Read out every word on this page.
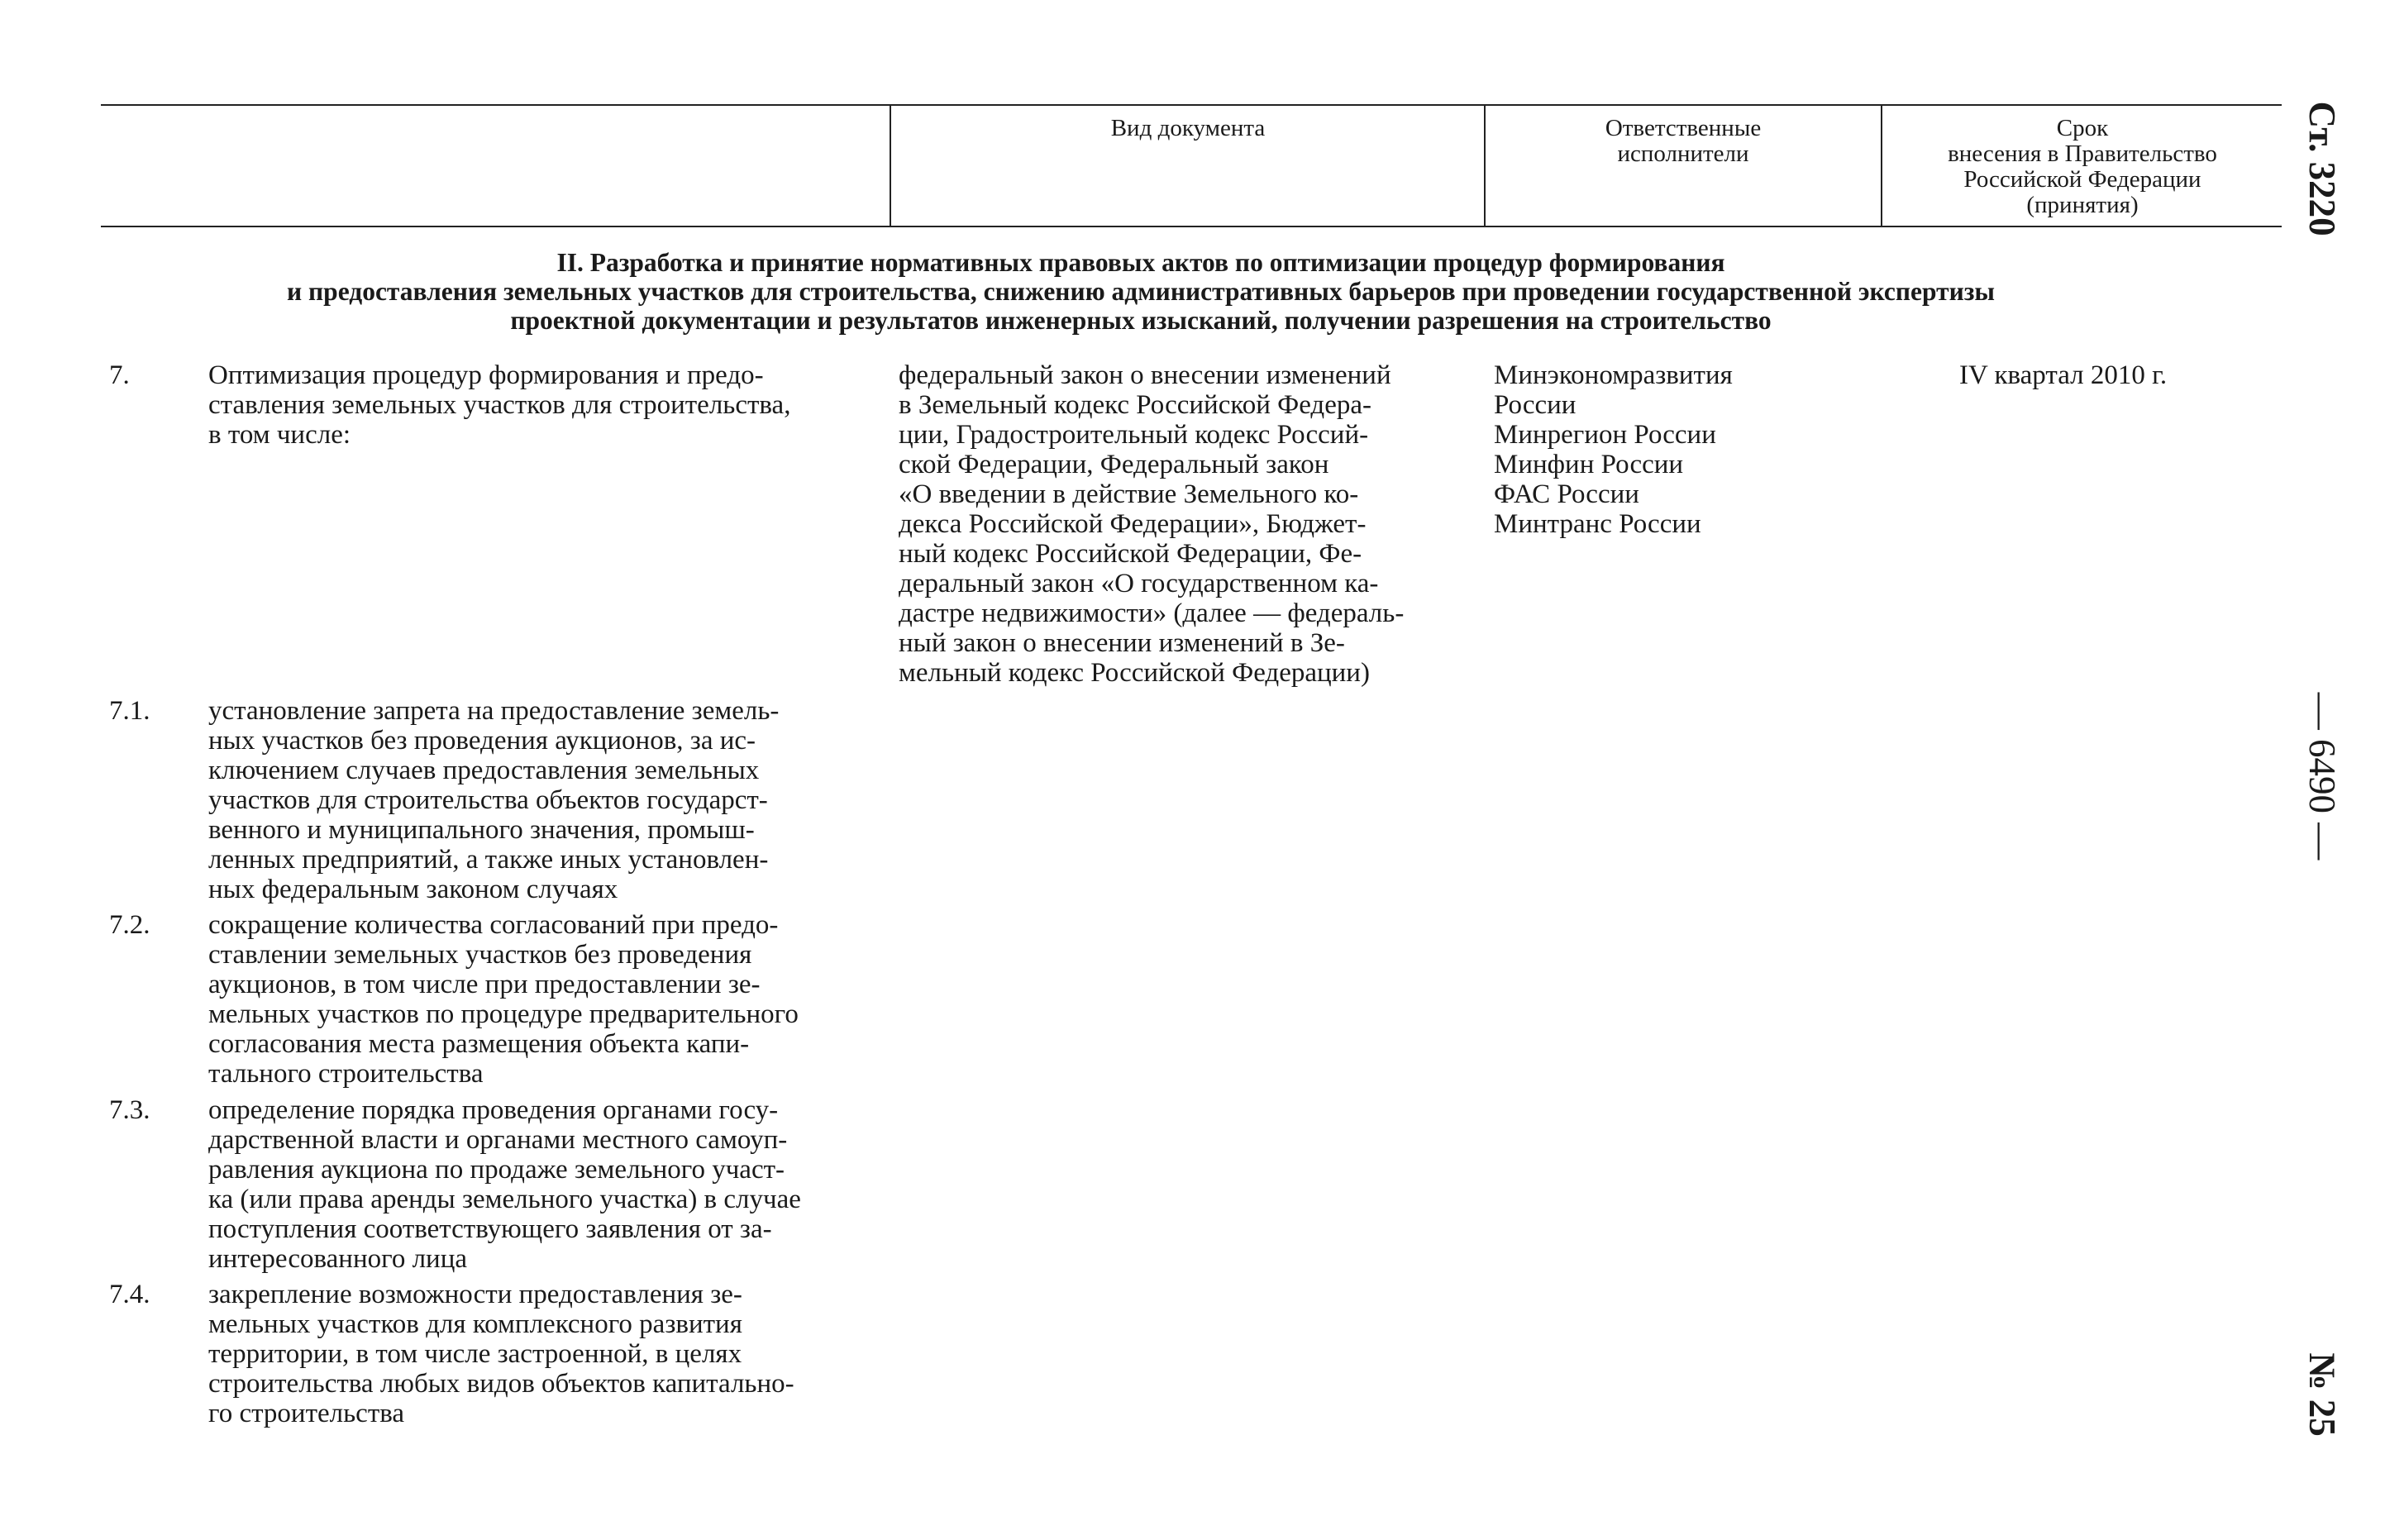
Вид документа	Ответственные
исполнители
Срок
внесения в Правительство
Российской Федерации
(принятия)
II. Разработка и принятие нормативных правовых актов по оптимизации процедур формирования
и предоставления земельных участков для строительства, снижению административных барьеров при проведении государственной экспертизы
проектной документации и результатов инженерных изысканий, получении разрешения на строительство
7.	Оптимизация процедур формирования и предо-
ставления земельных участков для строительства,
в том числе:
федеральный закон о внесении изменений
в Земельный кодекс Российской Федера-
ции, Градостроительный кодекс Россий-
ской Федерации, Федеральный закон
«О введении в действие Земельного ко-
декса Российской Федерации», Бюджет-
ный кодекс Российской Федерации, Фе-
деральный закон «О государственном ка-
дастре недвижимости» (далее — федераль-
ный закон о внесении изменений в Зе-
мельный кодекс Российской Федерации)
Минэкономразвития
России
Минрегион России
Минфин России
ФАС России
Минтранс России
IV квартал 2010 г.
7.1. установление запрета на предоставление земель-
ных участков без проведения аукционов, за ис-
ключением случаев предоставления земельных
участков для строительства объектов государст-
венного и муниципального значения, промыш-
ленных предприятий, а также иных установлен-
ных федеральным законом случаях
7.2. сокращение количества согласований при предо-
ставлении земельных участков без проведения
аукционов, в том числе при предоставлении зе-
мельных участков по процедуре предварительного
согласования места размещения объекта капи-
тального строительства
7.3. определение порядка проведения органами госу-
дарственной власти и органами местного самоуп-
равления аукциона по продаже земельного участ-
ка (или права аренды земельного участка) в случае
поступления соответствующего заявления от за-
интересованного лица
7.4. закрепление возможности предоставления зе-
мельных участков для комплексного развития
территории, в том числе застроенной, в целях
строительства любых видов объектов капитально-
го строительства
Ст. 3220
— 6490 —
№ 25
